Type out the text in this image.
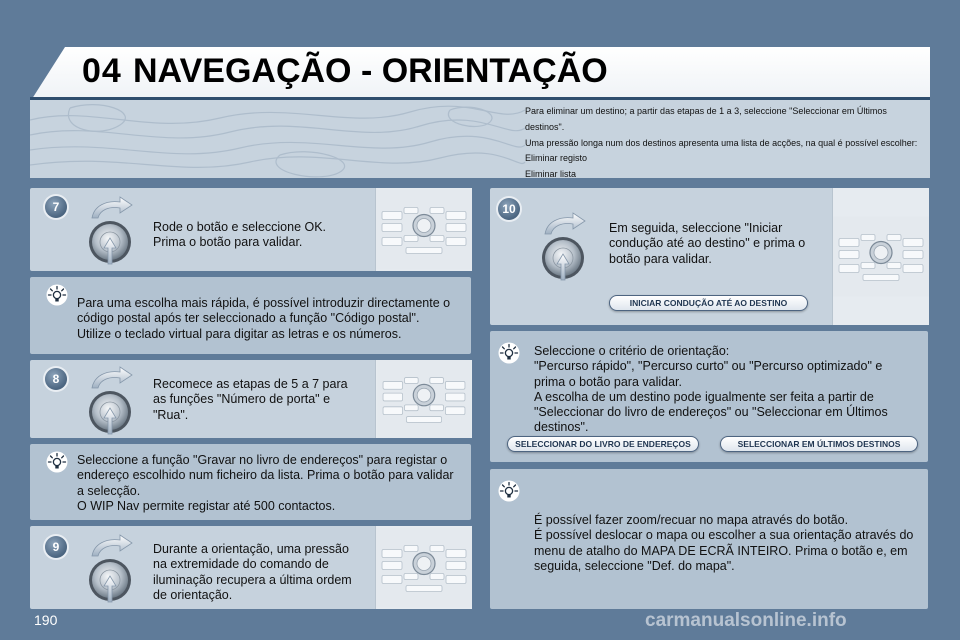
04 NAVEGAÇÃO - ORIENTAÇÃO
Para eliminar um destino; a partir das etapas de 1 a 3, seleccione "Seleccionar em Últimos
destinos".
Uma pressão longa num dos destinos apresenta uma lista de acções, na qual é possível escolher:
Eliminar registo
Eliminar lista
7
Rode o botão e seleccione OK.
Prima o botão para validar.
Para uma escolha mais rápida, é possível introduzir directamente o
código postal após ter seleccionado a função "Código postal".
Utilize o teclado virtual para digitar as letras e os números.
8	Recomece as etapas de 5 a 7 para
as funções "Número de porta" e
"Rua".
Seleccione a função "Gravar no livro de endereços" para registar o
endereço escolhido num ficheiro da lista. Prima o botão para validar
a selecção.
O WIP Nav permite registar até 500 contactos.
9	Durante a orientação, uma pressão
na extremidade do comando de
iluminação recupera a última ordem
de orientação.
10
Em seguida, seleccione "Iniciar
condução até ao destino" e prima o
botão para validar.
INICIAR CONDUÇÃO ATÉ AO DESTINO
Seleccione o critério de orientação:
"Percurso rápido", "Percurso curto" ou "Percurso optimizado" e
prima o botão para validar.
A escolha de um destino pode igualmente ser feita a partir de
"Seleccionar do livro de endereços" ou "Seleccionar em Últimos
destinos".
SELECCIONAR DO LIVRO DE ENDEREÇOS	SELECCIONAR EM ÚLTIMOS DESTINOS
É possível fazer zoom/recuar no mapa através do botão.
É possível deslocar o mapa ou escolher a sua orientação através do
menu de atalho do MAPA DE ECRÃ INTEIRO. Prima o botão e, em
seguida, seleccione "Def. do mapa".
190	carmanualsonline.info
